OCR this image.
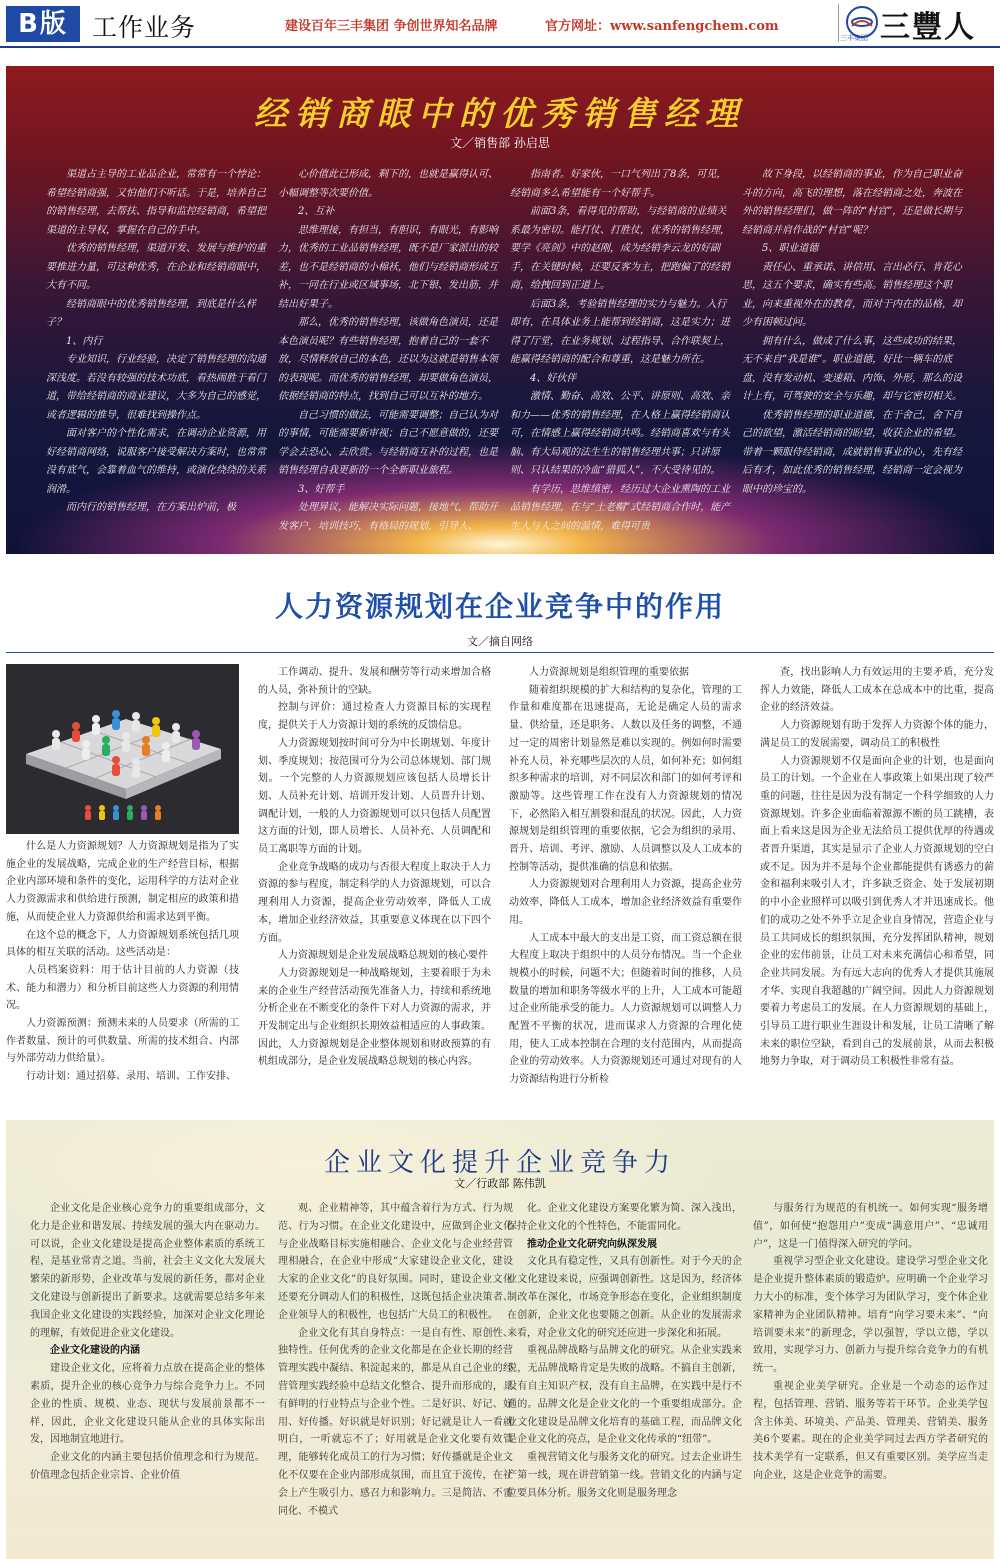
B版 工作业务	建设百年三丰集团 争创世界知名品牌	官方网址：www.sanfengchem.com
三丰集团 三豐人
经销商眼中的优秀销售经理
文／销售部 孙启思

渠道占主导的工业品企业，常常有一个悖论：希望经销商强，又怕他们不听话。于是，培养自己的销售经理，去帮扶、指导和监控经销商，希望把渠道的主导权，掌握在自己的手中。

优秀的销售经理，渠道开发、发展与维护的重要推进力量，可这种优秀，在企业和经销商眼中，大有不同。

经销商眼中的优秀销售经理，到底是什么样子？

1、内行

专业知识，行业经验，决定了销售经理的沟通深浅度。若没有较强的技术功底，看热闹胜于看门道，带给经销商的商业建议，大多为自己的感觉，或者逻辑的推导，很难找到操作点。

面对客户的个性化需求，在调动企业资源，用好经销商网络，说服客户接受解决方案时，也常常没有底气，会靠着血气的维持，或演化绕绕的关系润滑。

而内行的销售经理，在方案出炉前，极

心价值此已形成，剩下的，也就是赢得认可、小幅调整等次要价值。

2、互补

思维理接，有担当，有胆识，有眼光，有影响力，优秀的工业品销售经理，既不是厂家派出的较差，也不是经销商的小棉袄，他们与经销商形成互补，一同在行业或区域事场，北下银、发出筋，并结出好果子。

那么，优秀的销售经理，该做角色演员，还是本色演员呢？有些销售经理，抱着自己的一套不放，尽情释放自己的本色，还以为这就是销售本领的表现呢。而优秀的销售经理，却要做角色演员，依据经销商的特点，找到自己可以互补的地方。

自己习惯的做法，可能需要调整；自己认为对的事情，可能需要新审视；自己不愿意做的，还要学会去恐心、去欣赏。与经销商互补的过程，也是销售经理自我更新的一个全新职业旅程。

3、好帮手

处理异议，能解决实际问题，接地气，帮助开发客户，培训技巧，有格局的规划，引导人、

指南者。好家伙，一口气列出了8条，可见，经销商多么希望能有一个好帮手。

前面3条，看得见的帮助，与经销商的业绩关系最为密切。能打仗、打胜仗，优秀的销售经理，要学《亮剑》中的赵刚，成为经销李云龙的好副手，在关键时候，还要反客为主，把跑偏了的经销商，给拽回到正道上。

后面3条，考验销售经理的实力与魅力。入行即有，在具体业务上能帮到经销商，这是实力；进得了厅堂，在业务规划、过程指导、合作联契上，能赢得经销商的配合和尊重，这是魅力所在。

4、好伙伴

激情、勤奋、高效、公平、讲原则、高效、亲和力——优秀的销售经理，在人格上赢得经销商认可，在情感上赢得经销商共鸣。经销商喜欢与有头脑、有大局观的法生生的销售经理共事；只讲原则、只认结果的冷血“猎狐人”，不大受待见的。

有学历，思维缜密，经历过大企业熏陶的工业品销售经理，在与“土老帽”式经销商合作时，能产生人与人之间的温情，难得可贵

故下身段，以经销商的事业，作为自己职业奋斗的方向，高飞的理想，落在经销商之处，奔波在外的销售经理们，做一阵的“村官”，还是做长期与经销商并肩作战的“村官”呢？

5、职业道德

责任心、重承诺、讲信用、言出必行、肯花心思，这五个要求，确实有些高。销售经理这个职业，向来重视外在的教育，而对于内在的品格，却少有困顿过问。

拥有什么，做成了什么事，这些成功的结果，无不来自“我是谁”。职业道德，好比一辆车的底盘，没有发动机、变速箱、内饰、外形，那么的设计上有，可驾驶的安全与乐趣，却与它密切相关。

优秀销售经理的职业道德，在于舍己，舍下自己的欲望，激活经销商的盼望，收获企业的希望。带着一颗服侍经销商，成就销售事业的心，先有经后有才，如此优秀的销售经理，经销商一定会视为眼中的珍宝的。

人力资源规划在企业竞争中的作用
文／摘自网络

什么是人力资源规划？人力资源规划是指为了实施企业的发展战略，完成企业的生产经营目标，根据企业内部环境和条件的变化，运用科学的方法对企业人力资源需求和供给进行预测，制定相应的政策和措施，从而使企业人力资源供给和需求达到平衡。

在这个总的概念下，人力资源规划系统包括几项具体的相互关联的活动。这些活动是：

人员档案资料：用于估计目前的人力资源（技术、能力和潜力）和分析目前这些人力资源的利用情况。

人力资源预测：预测未来的人员要求（所需的工作者数量、预计的可供数量、所需的技术组合、内部与外部劳动力供给量）。

行动计划：通过招募、录用、培训、工作安排、

工作调动、提升、发展和酬劳等行动来增加合格的人员，弥补预计的空缺。

控制与评价：通过检查人力资源目标的实现程度，提供关于人力资源计划的系统的反馈信息。

人力资源规划按时间可分为中长期规划、年度计划、季度规划；按范围可分为公司总体规划、部门规划。一个完整的人力资源规划应该包括人员增长计划、人员补充计划、培训开发计划、人员晋升计划、调配计划，一般的人力资源规划可以只包括人员配置这方面的计划，即人员增长、人员补充、人员调配和员工离职等方面的计划。

企业竞争战略的成功与否很大程度上取决于人力资源的参与程度，制定科学的人力资源规划，可以合理利用人力资源，提高企业劳动效率，降低人工成本，增加企业经济效益，其重要意义体现在以下四个方面。

人力资源规划是企业发展战略总规划的核心要件

人力资源规划是一种战略规划，主要着眼于为未来的企业生产经营活动预先准备人力，持续和系统地分析企业在不断变化的条件下对人力资源的需求，并开发制定出与企业组织长期效益相适应的人事政策。因此，人力资源规划是企业整体规划和财政预算的有机组成部分，是企业发展战略总规划的核心内容。

人力资源规划是组织管理的重要依据

随着组织规模的扩大和结构的复杂化，管理的工作量和难度都在迅速提高，无论是确定人员的需求量、供给量，还是职务、人数以及任务的调整，不通过一定的周密计划显然是难以实现的。例如何时需要补充人员，补充哪些层次的人员，如何补充；如何组织多种需求的培训，对不同层次和部门的如何考评和激励等。这些管理工作在没有人力资源规划的情况下，必然陷入相互割裂和混乱的状况。因此，人力资源规划是组织管理的重要依据，它会为组织的录用、晋升、培训、考评、激励、人员调整以及人工成本的控制等活动，提供准确的信息和依据。

人力资源规划对合理利用人力资源，提高企业劳动效率，降低人工成本，增加企业经济效益有重要作用。

人工成本中最大的支出是工资，而工资总额在很大程度上取决于组织中的人员分布情况。当一个企业规模小的时候，问题不大；但随着时间的推移，人员数量的增加和职务等级水平的上升，人工成本可能超过企业所能承受的能力。人力资源规划可以调整人力配置不平衡的状况，进而谋求人力资源的合理化使用，使人工成本控制在合理的支付范围内，从而提高企业的劳动效率。人力资源规划还可通过对现有的人力资源结构进行分析检

查，找出影响人力有效运用的主要矛盾，充分发挥人力效能，降低人工成本在总成本中的比重，提高企业的经济效益。

人力资源规划有助于发挥人力资源个体的能力，满足员工的发展需要，调动员工的积极性

人力资源规划不仅是面向企业的计划，也是面向员工的计划。一个企业在人事政策上如果出现了较严重的问题，往往是因为没有制定一个科学细致的人力资源规划。许多企业面临着源源不断的员工跳槽，表面上看来这是因为企业无法给员工提供优厚的待遇或者晋升渠道，其实是显示了企业人力资源规划的空白或不足。因为并不是每个企业都能提供有诱惑力的薪金和福利来吸引人才，许多缺乏资金、处于发展初期的中小企业照样可以吸引到优秀人才并迅速成长。他们的成功之处不外乎立足企业自身情况，营造企业与员工共同成长的组织氛围，充分发挥团队精神，规划企业的宏伟前景，让员工对未来充满信心和希望，同企业共同发展。为有远大志向的优秀人才提供其施展才华、实现自我超越的广阔空间。因此人力资源规划要着力考虑员工的发展。在人力资源规划的基础上，引导员工进行职业生涯设计和发展，让员工清晰了解未来的职位空缺，看到自己的发展前景，从而去积极地努力争取，对于调动员工积极性非常有益。

企业文化提升企业竞争力
文／行政部 陈伟凯

企业文化是企业核心竞争力的重要组成部分，文化力是企业和谐发展、持续发展的强大内在驱动力。可以说，企业文化建设是提高企业整体素质的系统工程，是基业常青之道。当前，社会主义文化大发展大繁荣的新形势，企业改革与发展的新任务，都对企业文化建设与创新提出了新要求。这就需要总结多年来我国企业文化建设的实践经验，加深对企业文化理论的理解，有效促进企业文化建设。

企业文化建设的内涵

建设企业文化，应将着力点放在提高企业的整体素质，提升企业的核心竞争力与综合竞争力上。不同企业的性质、规模、业态、现状与发展前景都不一样，因此，企业文化建设只能从企业的具体实际出发，因地制宜地进行。

企业文化的内涵主要包括价值理念和行为规范。价值理念包括企业宗旨、企业价值

观、企业精神等，其中蕴含着行为方式、行为规范、行为习惯。在企业文化建设中，应做到企业文化与企业战略目标实施相融合、企业文化与企业经营管理相融合，在企业中形成“大家建设企业文化，建设大家的企业文化”的良好氛围。同时，建设企业文化还要充分调动人们的积极性，这既包括企业决策者、企业领导人的积极性，也包括广大员工的积极性。

企业文化有其自身特点：一是自有性、原创性、独特性。任何优秀的企业文化都是在企业长期的经营管理实践中凝结、积淀起来的，都是从自己企业的经营管理实践经验中总结文化整合、提升而形成的，具有鲜明的行业特点与企业个性。二是好识、好记、好用、好传播。好识就是好识别；好记就是让人一看就明白，一听就忘不了；好用就是企业文化要有效管理，能够转化成员工的行为习惯；好传播就是企业文化不仅要在企业内部形成氛围，而且宜于流传，在社会上产生吸引力、感召力和影响力。三是简洁、不雷同化、不模式

化。企业文化建设方案要化繁为简、深入浅出，保持企业文化的个性特色，不能雷同化。

推动企业文化研究向纵深发展

文化具有稳定性，又具有创新性。对于今天的企业文化建设来说，应强调创新性。这是因为，经济体制改革在深化，市场竞争形态在变化，企业组织制度在创新，企业文化也要随之创新。从企业的发展需求来看，对企业文化的研究还应进一步深化和拓展。

重视品牌战略与品牌文化的研究。从企业实践来说，无品牌战略肯定是失败的战略。不搞自主创新，没有自主知识产权，没有自主品牌，在实践中是行不通的。品牌文化是企业文化的一个重要组成部分。企业文化建设是品牌文化培育的基础工程，而品牌文化是企业文化的亮点，是企业文化传承的“纽带”。

重视营销文化与服务文化的研究。过去企业讲生产第一线，现在讲营销第一线。营销文化的内涵与定位要具体分析。服务文化则是服务理念

与服务行为规范的有机统一。如何实现“服务增值”，如何使“抱怨用户”变成“满意用户”、“忠诚用户”，这是一门值得深入研究的学问。

重视学习型企业文化建设。建设学习型企业文化是企业提升整体素质的锻造炉。应明确一个企业学习力大小的标准，变个体学习为团队学习，变个体企业家精神为企业团队精神。培育“向学习要未来”、“向培训要未来”的新理念，学以强智，学以立德，学以致用，实现学习力、创新力与提升综合竞争力的有机统一。

重视企业美学研究。企业是一个动态的运作过程，包括管理、营销、服务等若干环节。企业美学包含主体美、环境美、产品美、管理美、营销美、服务美6个要素。现在的企业美学同过去西方学者研究的技术美学有一定联系，但又有重要区别。美学应当走向企业，这是企业竞争的需要。
